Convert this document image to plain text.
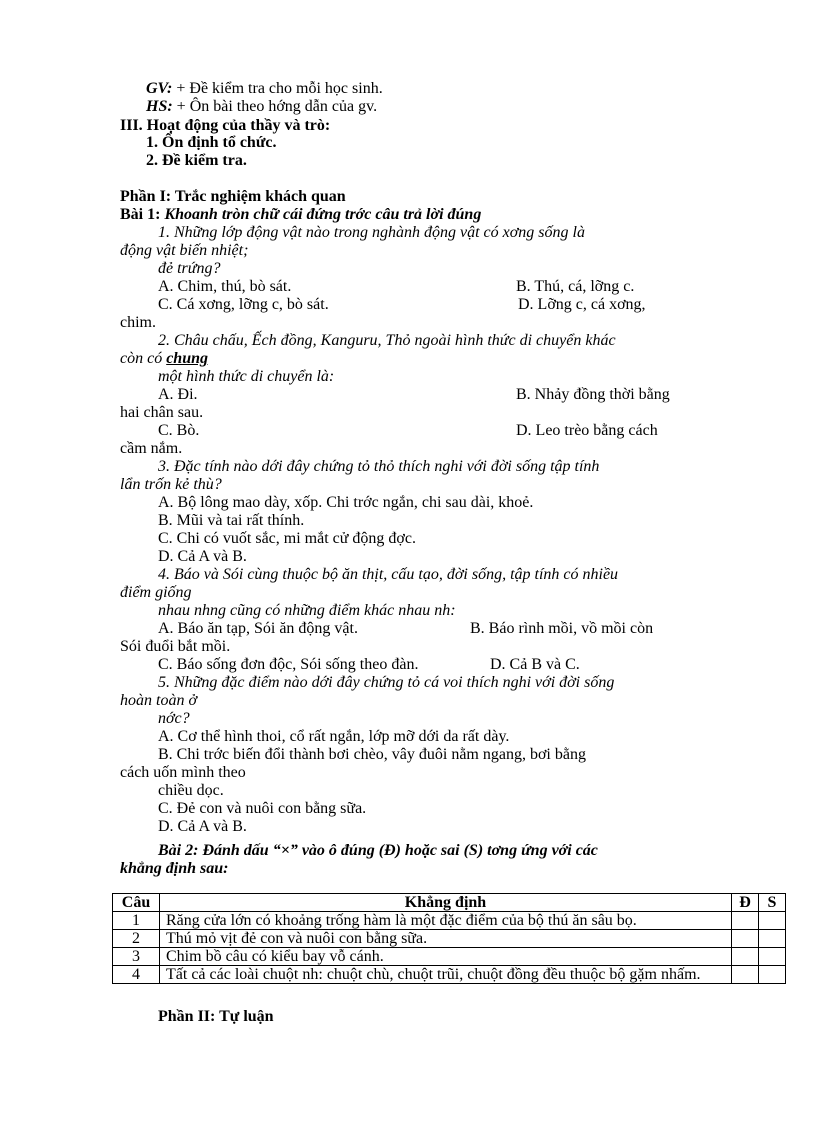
GV: + Đề kiểm tra cho mỗi học sinh.
HS: + Ôn bài theo hớng dẫn của gv.
III. Hoạt động của thầy và trò:
1. Ổn định tổ chức.
2. Đề kiểm tra.
Phần I: Trắc nghiệm khách quan
Bài 1: Khoanh tròn chữ cái đứng trớc câu trả lời đúng
1. Những lớp động vật nào trong nghành động vật có xơng sống là
động vật biến nhiệt;
đẻ trứng?
A. Chim, thú, bò sát.	B. Thú, cá, lỡng c.
C. Cá xơng, lỡng c, bò sát.	D. Lỡng c, cá xơng,
chim.
2. Châu chấu, Ếch đồng, Kanguru, Thỏ ngoài hình thức di chuyển khác
còn có chung
một hình thức di chuyển là:
A. Đi.	B. Nhảy đồng thời bằng
hai chân sau.
C. Bò.	D. Leo trèo bằng cách
cầm nắm.
3. Đặc tính nào dới đây chứng tỏ thỏ thích nghi với đời sống tập tính
lẩn trốn kẻ thù?
A. Bộ lông mao dày, xốp. Chi trớc ngắn, chi sau dài, khoẻ.
B. Mũi và tai rất thính.
C. Chi có vuốt sắc, mi mắt cử động đợc.
D. Cả A và B.
4. Báo và Sói cùng thuộc bộ ăn thịt, cấu tạo, đời sống, tập tính có nhiều
điểm giống
nhau nhng cũng có những điểm khác nhau nh:
A. Báo ăn tạp, Sói ăn động vật.	B. Báo rình mồi, vồ mồi còn
Sói đuổi bắt mồi.
C. Báo sống đơn độc, Sói sống theo đàn.	D. Cả B và C.
5. Những đặc điểm nào dới đây chứng tỏ cá voi thích nghi với đời sống
hoàn toàn ở
nớc?
A. Cơ thể hình thoi, cổ rất ngắn, lớp mỡ dới da rất dày.
B. Chi trớc biến đổi thành bơi chèo, vây đuôi nằm ngang, bơi bằng
cách uốn mình theo
chiều dọc.
C. Đẻ con và nuôi con bằng sữa.
D. Cả A và B.
Bài 2: Đánh dấu “×” vào ô đúng (Đ) hoặc sai (S) tơng ứng với các
khẳng định sau:
Câu	Khẳng định	Đ	S
1	Răng cửa lớn có khoảng trống hàm là một đặc điểm của bộ thú ăn sâu bọ.		
2	Thú mỏ vịt đẻ con và nuôi con bằng sữa.		
3	Chim bồ câu có kiểu bay vỗ cánh.		
4	Tất cả các loài chuột nh: chuột chù, chuột trũi, chuột đồng đều thuộc bộ gặm nhấm.		
Phần II: Tự luận
